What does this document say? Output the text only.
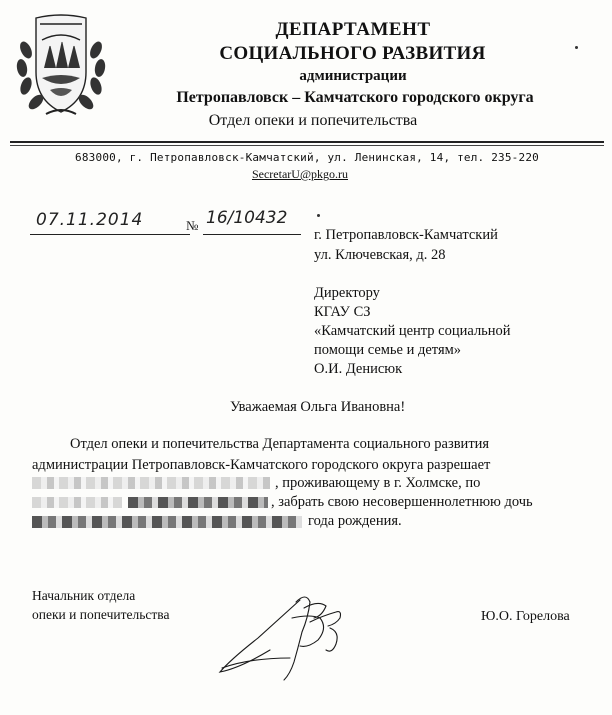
ДЕПАРТАМЕНТ
СОЦИАЛЬНОГО РАЗВИТИЯ
администрации
Петропавловск – Камчатского городского округа
Отдел опеки и попечительства
683000, г. Петропавловск-Камчатский, ул. Ленинская, 14, тел. 235-220
SecretarU@pkgo.ru
07.11.2014	№ 16/10432
г. Петропавловск-Камчатский
ул. Ключевская, д. 28
Директору
КГАУ СЗ
«Камчатский центр социальной
помощи семье и детям»
О.И. Денисюк
Уважаемая Ольга Ивановна!
Отдел опеки и попечительства Департамента социального развития
администрации Петропавловск-Камчатского городского округа разрешает
, проживающему в г. Холмске, по
, забрать свою несовершеннолетнюю дочь
года рождения.
Начальник отдела
опеки и попечительства	Ю.О. Горелова
